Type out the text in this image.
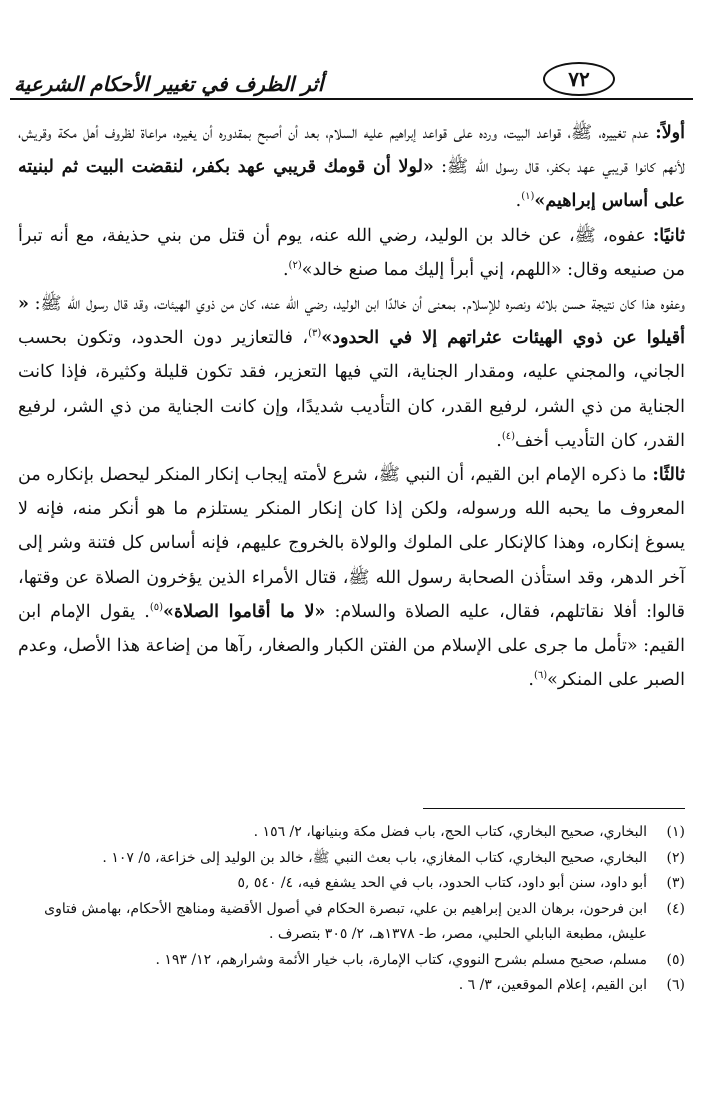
٧٢
أثر الظرف في تغيير الأحكام الشرعية

أولاً: عدم تغييره، ﷺ، قواعد البيت، ورده على قواعد إبراهيم عليه السلام، بعد أن أصبح بمقدوره أن يغيره، مراعاة لظروف أهل مكة وقريش، لأنهم كانوا قريبي عهد بكفر، قال رسول الله ﷺ: «لولا أن قومك قريبي عهد بكفر، لنقضت البيت ثم لبنيته على أساس إبراهيم»$^{(١)}$.

ثانيًا: عفوه، ﷺ، عن خالد بن الوليد، رضي الله عنه، يوم أن قتل من بني حذيفة، مع أنه تبرأ من صنيعه وقال: «اللهم، إني أبرأ إليك مما صنع خالد»$^{(٢)}$.

وعفوه هذا كان نتيجة حسن بلائه ونصره للإسلام. بمعنى أن خالدًا ابن الوليد، رضي الله عنه، كان من ذوي الهيئات، وقد قال رسول الله ﷺ: « أقيلوا عن ذوي الهيئات عثراتهم إلا في الحدود»$^{(٣)}$، فالتعازير دون الحدود، وتكون بحسب الجاني، والمجني عليه، ومقدار الجناية، التي فيها التعزير، فقد تكون قليلة وكثيرة، فإذا كانت الجناية من ذي الشر، لرفيع القدر، كان التأديب شديدًا، وإن كانت الجناية من ذي الشر، لرفيع القدر، كان التأديب أخف$^{(٤)}$.

ثالثًا: ما ذكره الإمام ابن القيم، أن النبي ﷺ، شرع لأمته إيجاب إنكار المنكر ليحصل بإنكاره من المعروف ما يحبه الله ورسوله، ولكن إذا كان إنكار المنكر يستلزم ما هو أنكر منه، فإنه لا يسوغ إنكاره، وهذا كالإنكار على الملوك والولاة بالخروج عليهم، فإنه أساس كل فتنة وشر إلى آخر الدهر، وقد استأذن الصحابة رسول الله ﷺ، قتال الأمراء الذين يؤخرون الصلاة عن وقتها، قالوا: أفلا نقاتلهم، فقال، عليه الصلاة والسلام: «لا ما أقاموا الصلاة»$^{(٥)}$. يقول الإمام ابن القيم: «تأمل ما جرى على الإسلام من الفتن الكبار والصغار، رآها من إضاعة هذا الأصل، وعدم الصبر على المنكر»$^{(٦)}$.

(١)
البخاري، صحيح البخاري، كتاب الحج، باب فضل مكة وبنيانها، ٢/ ١٥٦ .
(٢)
البخاري، صحيح البخاري، كتاب المغازي، باب بعث النبي ﷺ، خالد بن الوليد إلى خزاعة، ٥/ ١٠٧ .
(٣)
أبو داود، سنن أبو داود، كتاب الحدود، باب في الحد يشفع فيه، ٤/ ٥٤٠ ,٥
(٤)
ابن فرحون، برهان الدين إبراهيم بن علي، تبصرة الحكام في أصول الأقضية ومناهج الأحكام، بهامش فتاوى عليش، مطبعة البابلي الحلبي، مصر، ط- ١٣٧٨هـ، ٢/ ٣٠٥ بتصرف .
(٥)
مسلم، صحيح مسلم بشرح النووي، كتاب الإمارة، باب خيار الأئمة وشرارهم، ١٢/ ١٩٣ .
(٦)
ابن القيم، إعلام الموقعين، ٣/ ٦ .
